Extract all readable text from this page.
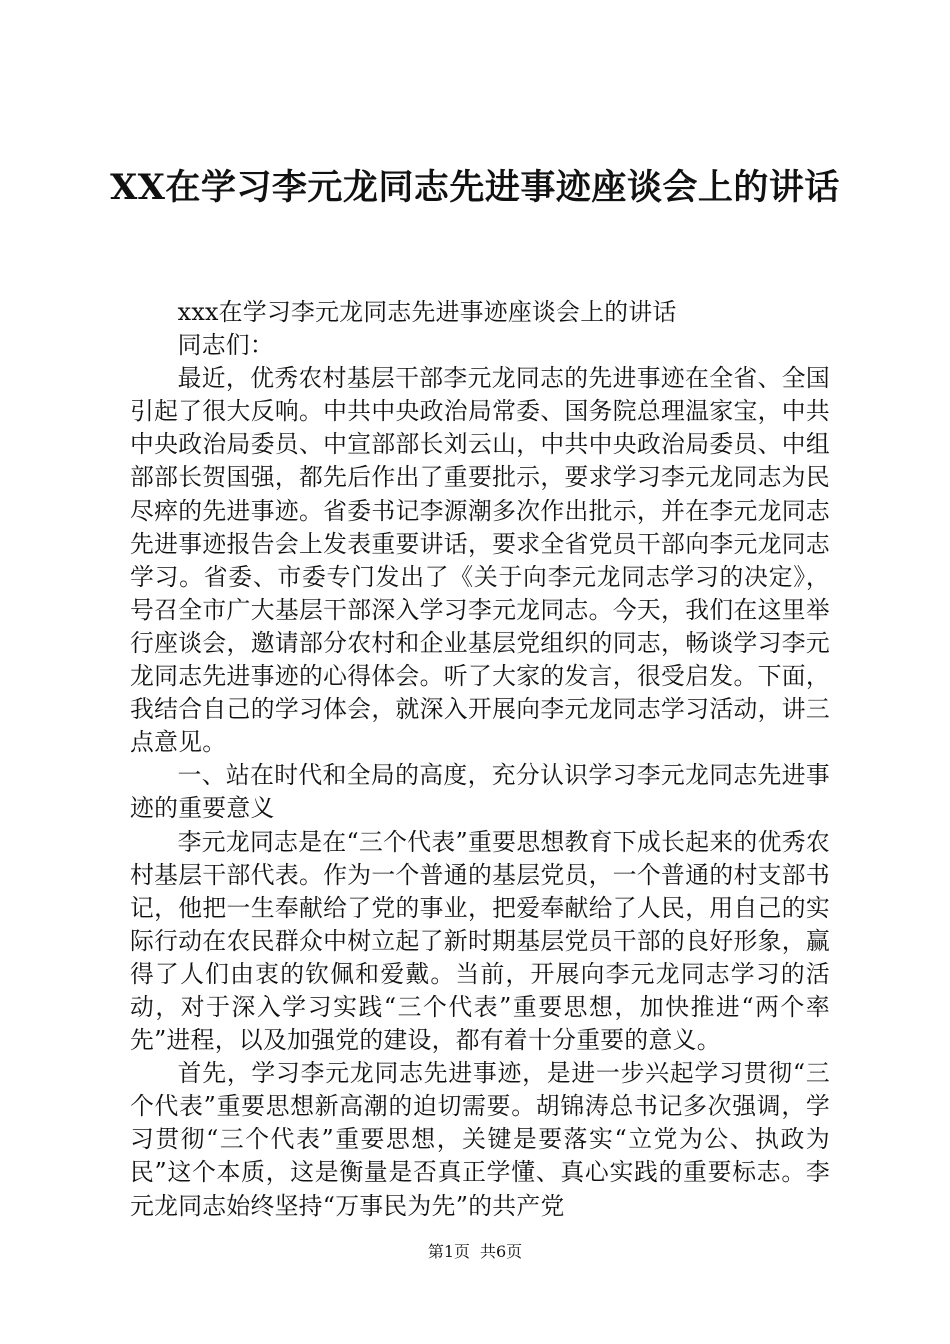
XX在学习李元龙同志先进事迹座谈会上的讲话

xxx在学习李元龙同志先进事迹座谈会上的讲话

同志们：

最近，优秀农村基层干部李元龙同志的先进事迹在全省、全国引起了很大反响。中共中央政治局常委、国务院总理温家宝，中共中央政治局委员、中宣部部长刘云山，中共中央政治局委员、中组部部长贺国强，都先后作出了重要批示，要求学习李元龙同志为民尽瘁的先进事迹。省委书记李源潮多次作出批示，并在李元龙同志先进事迹报告会上发表重要讲话，要求全省党员干部向李元龙同志学习。省委、市委专门发出了《关于向李元龙同志学习的决定》，号召全市广大基层干部深入学习李元龙同志。今天，我们在这里举行座谈会，邀请部分农村和企业基层党组织的同志，畅谈学习李元龙同志先进事迹的心得体会。听了大家的发言，很受启发。下面，我结合自己的学习体会，就深入开展向李元龙同志学习活动，讲三点意见。

一、站在时代和全局的高度，充分认识学习李元龙同志先进事迹的重要意义

李元龙同志是在“三个代表”重要思想教育下成长起来的优秀农村基层干部代表。作为一个普通的基层党员，一个普通的村支部书记，他把一生奉献给了党的事业，把爱奉献给了人民，用自己的实际行动在农民群众中树立起了新时期基层党员干部的良好形象，赢得了人们由衷的钦佩和爱戴。当前，开展向李元龙同志学习的活动，对于深入学习实践“三个代表”重要思想，加快推进“两个率先”进程，以及加强党的建设，都有着十分重要的意义。

首先，学习李元龙同志先进事迹，是进一步兴起学习贯彻“三个代表”重要思想新高潮的迫切需要。胡锦涛总书记多次强调，学习贯彻“三个代表”重要思想，关键是要落实“立党为公、执政为民”这个本质，这是衡量是否真正学懂、真心实践的重要标志。李元龙同志始终坚持“万事民为先”的共产党

第1页 共6页
